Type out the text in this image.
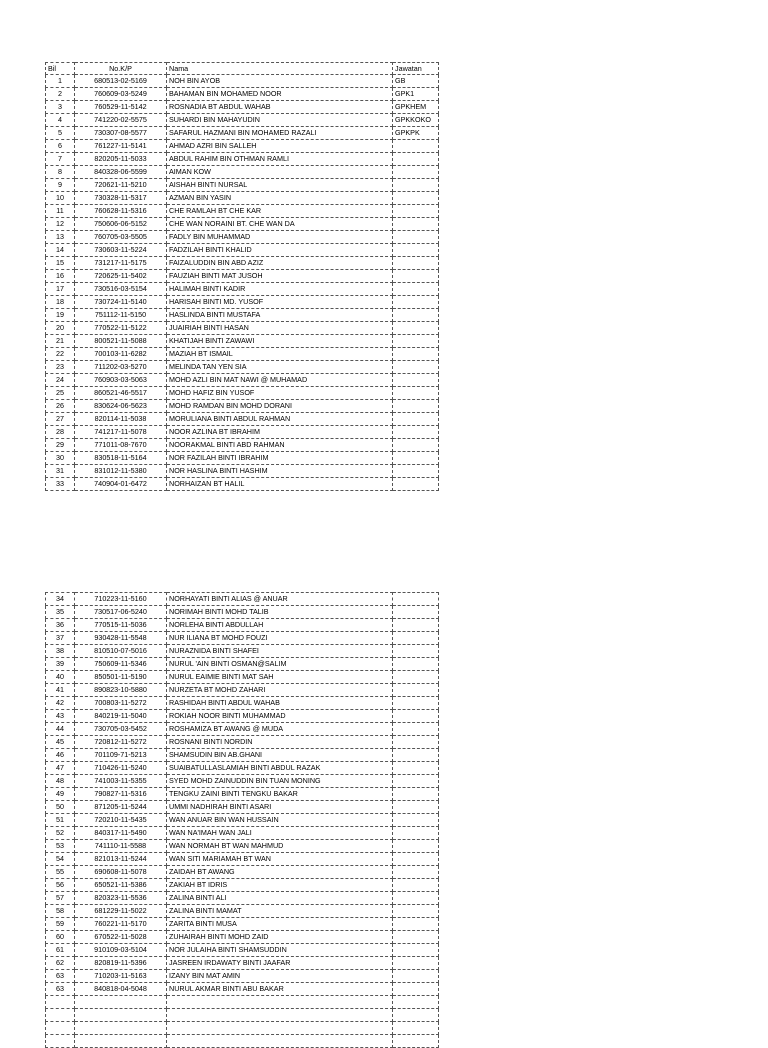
Bil	No.K/P	Nama	Jawatan
1	680513-02-5169	NOH BIN AYOB	GB
2	760609-03-5249	BAHAMAN BIN MOHAMED NOOR	GPK1
3	760529-11-5142	ROSNADIA BT ABDUL WAHAB	GPKHEM
4	741220-02-5575	SUHARDI BIN MAHAYUDIN	GPKKOKO
5	730307-08-5577	SAFARUL HAZMANI BIN MOHAMED RAZALI	GPKPK
6	761227-11-5141	AHMAD AZRI BIN SALLEH	
7	820205-11-5033	ABDUL RAHIM BIN OTHMAN RAMLI	
8	840328-06-5599	AIMAN KOW	
9	720621-11-5210	AISHAH BINTI NURSAL	
10	730328-11-5317	AZMAN BIN YASIN	
11	760628-11-5316	CHE RAMLAH BT CHE KAR	
12	750606-06-5152	CHE WAN NORAINI BT. CHE WAN DA	
13	760705-03-5505	FADLY BIN MUHAMMAD	
14	730603-11-5224	FADZILAH BINTI KHALID	
15	731217-11-5175	FAIZALUDDIN BIN ABD AZIZ	
16	720625-11-5402	FAUZIAH BINTI MAT JUSOH	
17	730516-03-5154	HALIMAH BINTI KADIR	
18	730724-11-5140	HARISAH BINTI MD. YUSOF	
19	751112-11-5150	HASLINDA BINTI MUSTAFA	
20	770522-11-5122	JUAIRIAH BINTI HASAN	
21	800521-11-5088	KHATIJAH BINTI ZAWAWI	
22	700103-11-6282	MAZIAH BT ISMAIL	
23	711202-03-5270	MELINDA TAN YEN SIA	
24	760903-03-5063	MOHD AZLI BIN MAT NAWI @ MUHAMAD	
25	860521-46-5517	MOHD HAFIZ BIN YUSOF	
26	830624-06-5623	MOHD RAMDAN BIN MOHD DORANI	
27	820114-11-5038	MORULIANA BINTI ABDUL RAHMAN	
28	741217-11-5078	NOOR AZLINA BT IBRAHIM	
29	771011-08-7670	NOORAKMAL BINTI ABD RAHMAN	
30	830518-11-5164	NOR FAZILAH BINTI IBRAHIM	
31	831012-11-5380	NOR HASLINA BINTI HASHIM	
33	740904-01-6472	NORHAIZAN BT HALIL	
34	710223-11-5160	NORHAYATI BINTI ALIAS @ ANUAR	
35	730517-06-5240	NORIMAH BINTI MOHD TALIB	
36	770515-11-5036	NORLEHA BINTI ABDULLAH	
37	930428-11-5548	NUR ILIANA BT MOHD FOUZI	
38	810510-07-5016	NURAZNIDA BINTI SHAFEI	
39	750609-11-5346	NURUL 'AIN BINTI OSMAN@SALIM	
40	850501-11-5190	NURUL EAIMIE BINTI MAT SAH	
41	890823-10-5880	NURZETA BT MOHD ZAHARI	
42	700803-11-5272	RASHIDAH BINTI ABDUL WAHAB	
43	840219-11-5040	ROKIAH NOOR BINTI MUHAMMAD	
44	730705-03-5452	ROSHAMIZA BT AWANG @ MUDA	
45	720812-11-5272	ROSNANI BINTI NORDIN	
46	701109-71-5213	SHAMSUDIN BIN AB.GHANI	
47	710426-11-5240	SUAIBATULLASLAMIAH BINTI ABDUL RAZAK	
48	741003-11-5355	SYED MOHD ZAINUDDIN BIN TUAN MONING	
49	790827-11-5316	TENGKU ZAINI BINTI TENGKU BAKAR	
50	871205-11-5244	UMMI NADHIRAH BINTI ASARI	
51	720210-11-5435	WAN ANUAR BIN WAN HUSSAIN	
52	840317-11-5490	WAN NA'IMAH WAN JALI	
53	741110-11-5588	WAN NORMAH BT WAN MAHMUD	
54	821013-11-5244	WAN SITI MARIAMAH BT WAN	
55	690608-11-5078	ZAIDAH BT AWANG	
56	650521-11-5386	ZAKIAH BT IDRIS	
57	820323-11-5536	ZALINA BINTI ALI	
58	681229-11-5022	ZALINA BINTI MAMAT	
59	760221-11-5170	ZARITA BINTI MUSA	
60	670522-11-5028	ZUHAIRAH BINTI MOHD ZAID	
61	910109-03-5104	NOR JULAIHA BINTI SHAMSUDDIN	
62	820819-11-5396	JASREEN IRDAWATY BINTI JAAFAR	
63	710203-11-5163	IZANY BIN MAT AMIN	
63	840818-04-5048	NURUL AKMAR BINTI ABU BAKAR	
